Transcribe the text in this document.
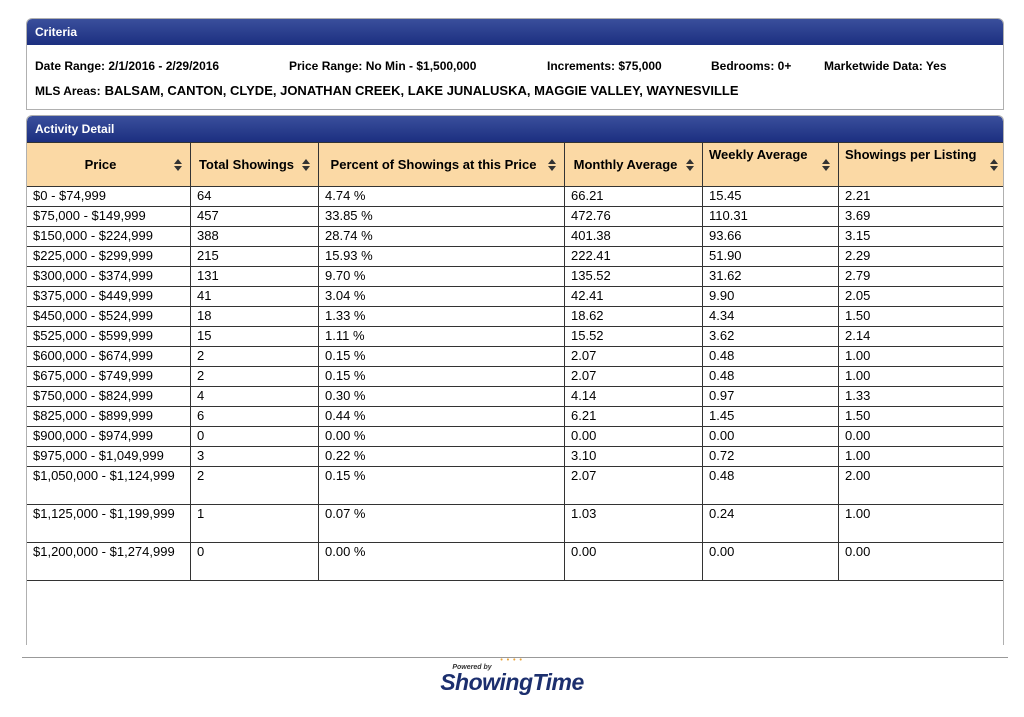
Criteria
Date Range: 2/1/2016 - 2/29/2016	Price Range: No Min - $1,500,000	Increments: $75,000	Bedrooms: 0+	Marketwide Data: Yes
MLS Areas: BALSAM, CANTON, CLYDE, JONATHAN CREEK, LAKE JUNALUSKA, MAGGIE VALLEY, WAYNESVILLE
Activity Detail
Price	Total Showings	Percent of Showings at this Price	Monthly Average	Weekly Average	Showings per Listing

$0 - $74,999	64	4.74 %	66.21	15.45	2.21
$75,000 - $149,999	457	33.85 %	472.76	110.31	3.69
$150,000 - $224,999	388	28.74 %	401.38	93.66	3.15
$225,000 - $299,999	215	15.93 %	222.41	51.90	2.29
$300,000 - $374,999	131	9.70 %	135.52	31.62	2.79
$375,000 - $449,999	41	3.04 %	42.41	9.90	2.05
$450,000 - $524,999	18	1.33 %	18.62	4.34	1.50
$525,000 - $599,999	15	1.11 %	15.52	3.62	2.14
$600,000 - $674,999	2	0.15 %	2.07	0.48	1.00
$675,000 - $749,999	2	0.15 %	2.07	0.48	1.00
$750,000 - $824,999	4	0.30 %	4.14	0.97	1.33
$825,000 - $899,999	6	0.44 %	6.21	1.45	1.50
$900,000 - $974,999	0	0.00 %	0.00	0.00	0.00
$975,000 - $1,049,999	3	0.22 %	3.10	0.72	1.00
$1,050,000 - $1,124,999	2	0.15 %	2.07	0.48	2.00
$1,125,000 - $1,199,999	1	0.07 %	1.03	0.24	1.00
$1,200,000 - $1,274,999	0	0.00 %	0.00	0.00	0.00
Powered by
• • • •
ShowingTime
